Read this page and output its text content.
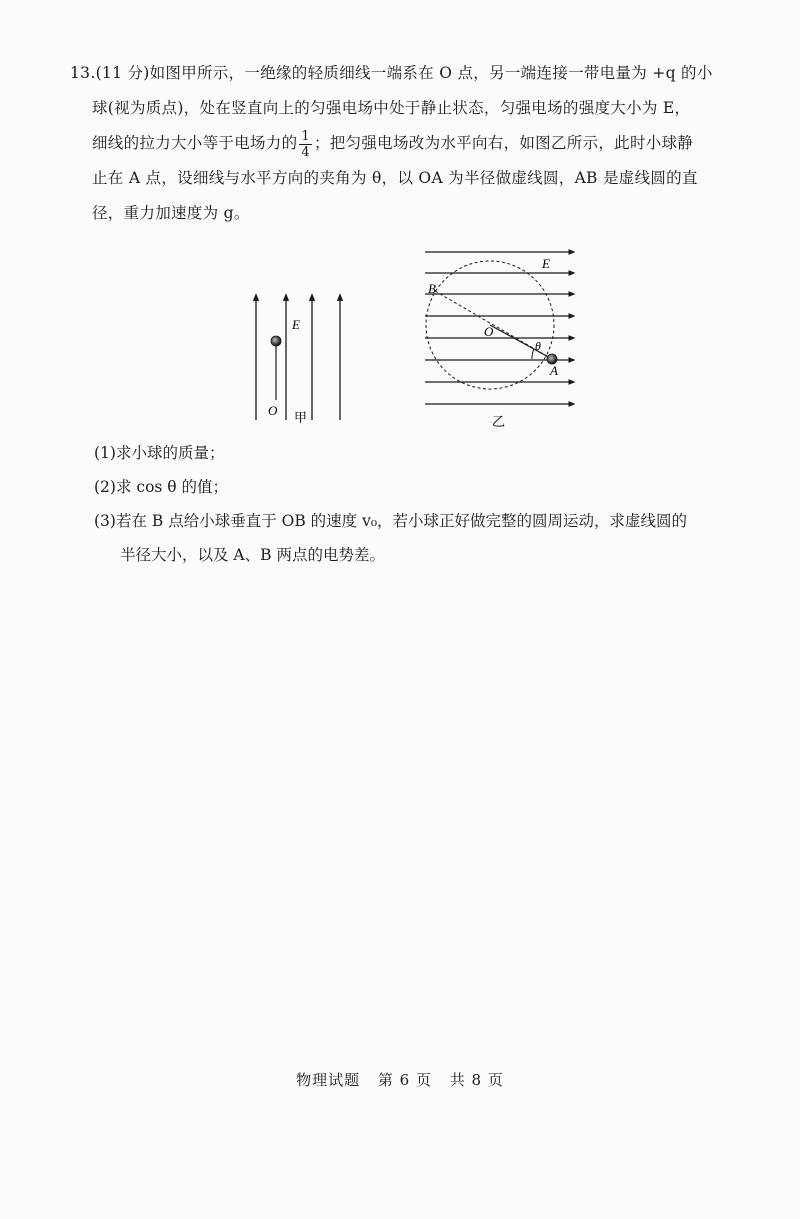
13.(11 分)如图甲所示，一绝缘的轻质细线一端系在 O 点，另一端连接一带电量为 +q 的小
球(视为质点)，处在竖直向上的匀强电场中处于静止状态，匀强电场的强度大小为 E，
细线的拉力大小等于电场力的 $\frac{1}{4}$ ；把匀强电场改为水平向右，如图乙所示，此时小球静
止在 A 点，设细线与水平方向的夹角为 θ，以 OA 为半径做虚线圆，AB 是虚线圆的直
径，重力加速度为 g。
E
O 甲
E
B
O
A
θ
乙
(1)求小球的质量；
(2)求 cos θ 的值；
(3)若在 B 点给小球垂直于 OB 的速度 v₀，若小球正好做完整的圆周运动，求虚线圆的
半径大小，以及 A、B 两点的电势差。
物理试题 第 6 页 共 8 页
